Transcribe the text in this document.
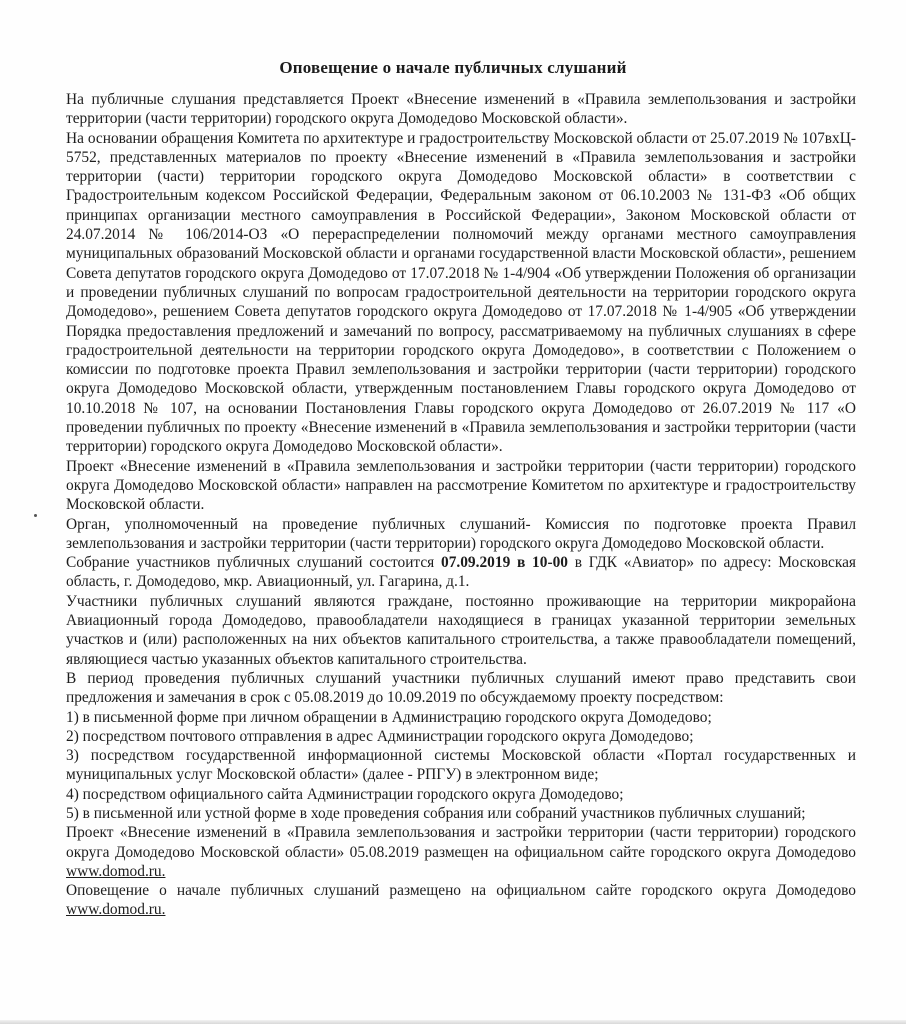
Оповещение о начале публичных слушаний

На публичные слушания представляется Проект «Внесение изменений в «Правила землепользования и застройки территории (части территории) городского округа Домодедово Московской области».

На основании обращения Комитета по архитектуре и градостроительству Московской области от 25.07.2019 № 107вхЦ- 5752, представленных материалов по проекту «Внесение изменений в «Правила землепользования и застройки территории (части) территории городского округа Домодедово Московской области» в соответствии с Градостроительным кодексом Российской Федерации, Федеральным законом от 06.10.2003 № 131-ФЗ «Об общих принципах организации местного самоуправления в Российской Федерации», Законом Московской области от 24.07.2014 № 106/2014-ОЗ «О перераспределении полномочий между органами местного самоуправления муниципальных образований Московской области и органами государственной власти Московской области», решением Совета депутатов городского округа Домодедово от 17.07.2018 № 1-4/904 «Об утверждении Положения об организации и проведении публичных слушаний по вопросам градостроительной деятельности на территории городского округа Домодедово», решением Совета депутатов городского округа Домодедово от 17.07.2018 № 1-4/905 «Об утверждении Порядка предоставления предложений и замечаний по вопросу, рассматриваемому на публичных слушаниях в сфере градостроительной деятельности на территории городского округа Домодедово», в соответствии с Положением о комиссии по подготовке проекта Правил землепользования и застройки территории (части территории) городского округа Домодедово Московской области, утвержденным постановлением Главы городского округа Домодедово от 10.10.2018 № 107, на основании Постановления Главы городского округа Домодедово от 26.07.2019 № 117 «О проведении публичных по проекту «Внесение изменений в «Правила землепользования и застройки территории (части территории) городского округа Домодедово Московской области».

Проект «Внесение изменений в «Правила землепользования и застройки территории (части территории) городского округа Домодедово Московской области» направлен на рассмотрение Комитетом по архитектуре и градостроительству Московской области.

Орган, уполномоченный на проведение публичных слушаний- Комиссия по подготовке проекта Правил землепользования и застройки территории (части территории) городского округа Домодедово Московской области.

Собрание участников публичных слушаний состоится 07.09.2019 в 10-00 в ГДК «Авиатор» по адресу: Московская область, г. Домодедово, мкр. Авиационный, ул. Гагарина, д.1.

Участники публичных слушаний являются граждане, постоянно проживающие на территории микрорайона Авиационный города Домодедово, правообладатели находящиеся в границах указанной территории земельных участков и (или) расположенных на них объектов капитального строительства, а также правообладатели помещений, являющиеся частью указанных объектов капитального строительства.

В период проведения публичных слушаний участники публичных слушаний имеют право представить свои предложения и замечания в срок с 05.08.2019 до 10.09.2019 по обсуждаемому проекту посредством:

1) в письменной форме при личном обращении в Администрацию городского округа Домодедово;

2) посредством почтового отправления в адрес Администрации городского округа Домодедово;

3) посредством государственной информационной системы Московской области «Портал государственных и муниципальных услуг Московской области» (далее - РПГУ) в электронном виде;

4) посредством официального сайта Администрации городского округа Домодедово;

5) в письменной или устной форме в ходе проведения собрания или собраний участников публичных слушаний;

Проект «Внесение изменений в «Правила землепользования и застройки территории (части территории) городского округа Домодедово Московской области» 05.08.2019 размещен на официальном сайте городского округа Домодедово www.domod.ru.

Оповещение о начале публичных слушаний размещено на официальном сайте городского округа Домодедово www.domod.ru.
